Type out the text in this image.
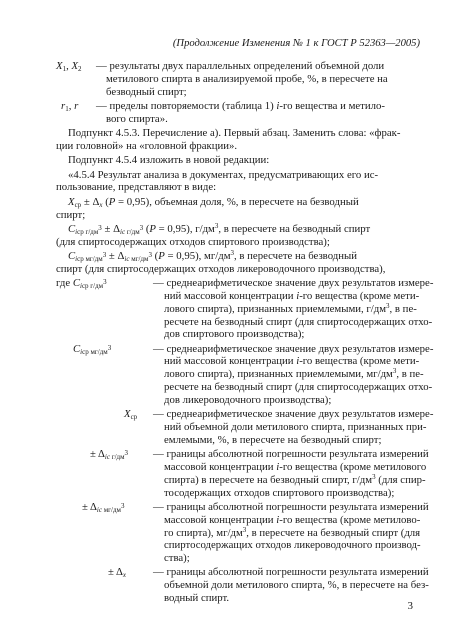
(Продолжение Изменения № 1 к ГОСТ Р 52363—2005)
$X_1$, $X_2$ — результаты двух параллельных определений объемной доли
метилового спирта в анализируемой пробе, %, в пересчете на
безводный спирт;
$r_1$, r — пределы повторяемости (таблица 1) i-го вещества и метило-
вого спирта».
Подпункт 4.5.3. Перечисление а). Первый абзац. Заменить слова: «фрак-
ции головной» на «головной фракции».
Подпункт 4.5.4 изложить в новой редакции:
«4.5.4 Результат анализа в документах, предусматривающих его ис-
пользование, представляют в виде:
$X_{ср} \pm \Delta_x$ (P = 0,95), объемная доля, %, в пересчете на безводный
спирт;
$C_{iср г/дм^3} \pm \Delta_{ic г/дм^3}$ (P = 0,95), $г/дм^3$, в пересчете на безводный спирт
(для спиртосодержащих отходов спиртового производства);
$C_{iср мг/дм^3} \pm \Delta_{ic мг/дм^3}$ (P = 0,95), $мг/дм^3$, в пересчете на безводный
спирт (для спиртосодержащих отходов ликероводочного производства),
где $C_{iср г/дм^3}$	— среднеарифметическое значение двух результатов измере-
ний массовой концентрации i-го вещества (кроме мети-
лового спирта), признанных приемлемыми, $г/дм^3$, в пе-
ресчете на безводный спирт (для спиртосодержащих отхо-
дов спиртового производства);
$C_{iср мг/дм^3}$	— среднеарифметическое значение двух результатов измере-
ний массовой концентрации i-го вещества (кроме мети-
лового спирта), признанных приемлемыми, $мг/дм^3$, в пе-
ресчете на безводный спирт (для спиртосодержащих отхо-
дов ликероводочного производства);
$X_{ср}$ — среднеарифметическое значение двух результатов измере-
ний объемной доли метилового спирта, признанных при-
емлемыми, %, в пересчете на безводный спирт;
± $\Delta_{ic г/дм^3}$ — границы абсолютной погрешности результата измерений
массовой концентрации i-го вещества (кроме метилового
спирта) в пересчете на безводный спирт, $г/дм^3$ (для спир-
тосодержащих отходов спиртового производства);
± $\Delta_{ic мг/дм^3}$	— границы абсолютной погрешности результата измерений
массовой концентрации i-го вещества (кроме метилово-
го спирта), $мг/дм^3$, в пересчете на безводный спирт (для
спиртосодержащих отходов ликероводочного производ-
ства);
± $\Delta_x$	— границы абсолютной погрешности результата измерений
объемной доли метилового спирта, %, в пересчете на без-
водный спирт.
3
